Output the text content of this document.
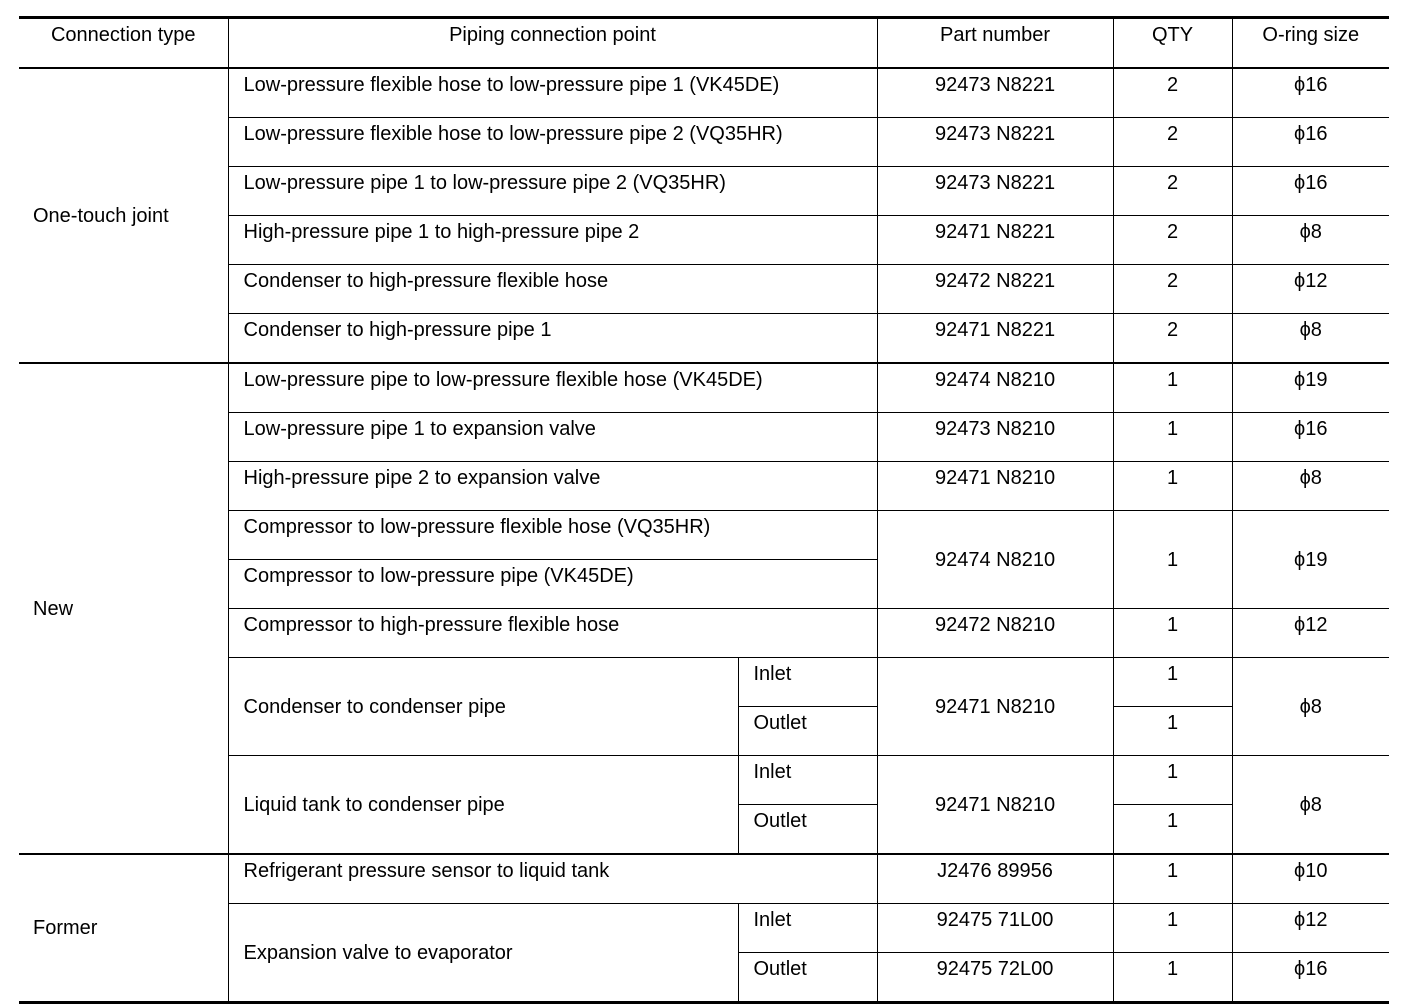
Connection type	Piping connection point		Part number	QTY	O-ring size
One-touch joint	Low-pressure flexible hose to low-pressure pipe 1 (VK45DE)		92473 N8221	2	ϕ16
	Low-pressure flexible hose to low-pressure pipe 2 (VQ35HR)		92473 N8221	2	ϕ16
	Low-pressure pipe 1 to low-pressure pipe 2 (VQ35HR)		92473 N8221	2	ϕ16
	High-pressure pipe 1 to high-pressure pipe 2		92471 N8221	2	ϕ8
	Condenser to high-pressure flexible hose		92472 N8221	2	ϕ12
	Condenser to high-pressure pipe 1		92471 N8221	2	ϕ8
New	Low-pressure pipe to low-pressure flexible hose (VK45DE)		92474 N8210	1	ϕ19
	Low-pressure pipe 1 to expansion valve		92473 N8210	1	ϕ16
	High-pressure pipe 2 to expansion valve		92471 N8210	1	ϕ8
	Compressor to low-pressure flexible hose (VQ35HR)		92474 N8210	1	ϕ19
	Compressor to low-pressure pipe (VK45DE)				
	Compressor to high-pressure flexible hose		92472 N8210	1	ϕ12
	Condenser to condenser pipe	Inlet	92471 N8210	1	ϕ8
		Outlet		1	
	Liquid tank to condenser pipe	Inlet	92471 N8210	1	ϕ8
		Outlet		1	
Former	Refrigerant pressure sensor to liquid tank		J2476 89956	1	ϕ10
	Expansion valve to evaporator	Inlet	92475 71L00	1	ϕ12
		Outlet	92475 72L00	1	ϕ16
